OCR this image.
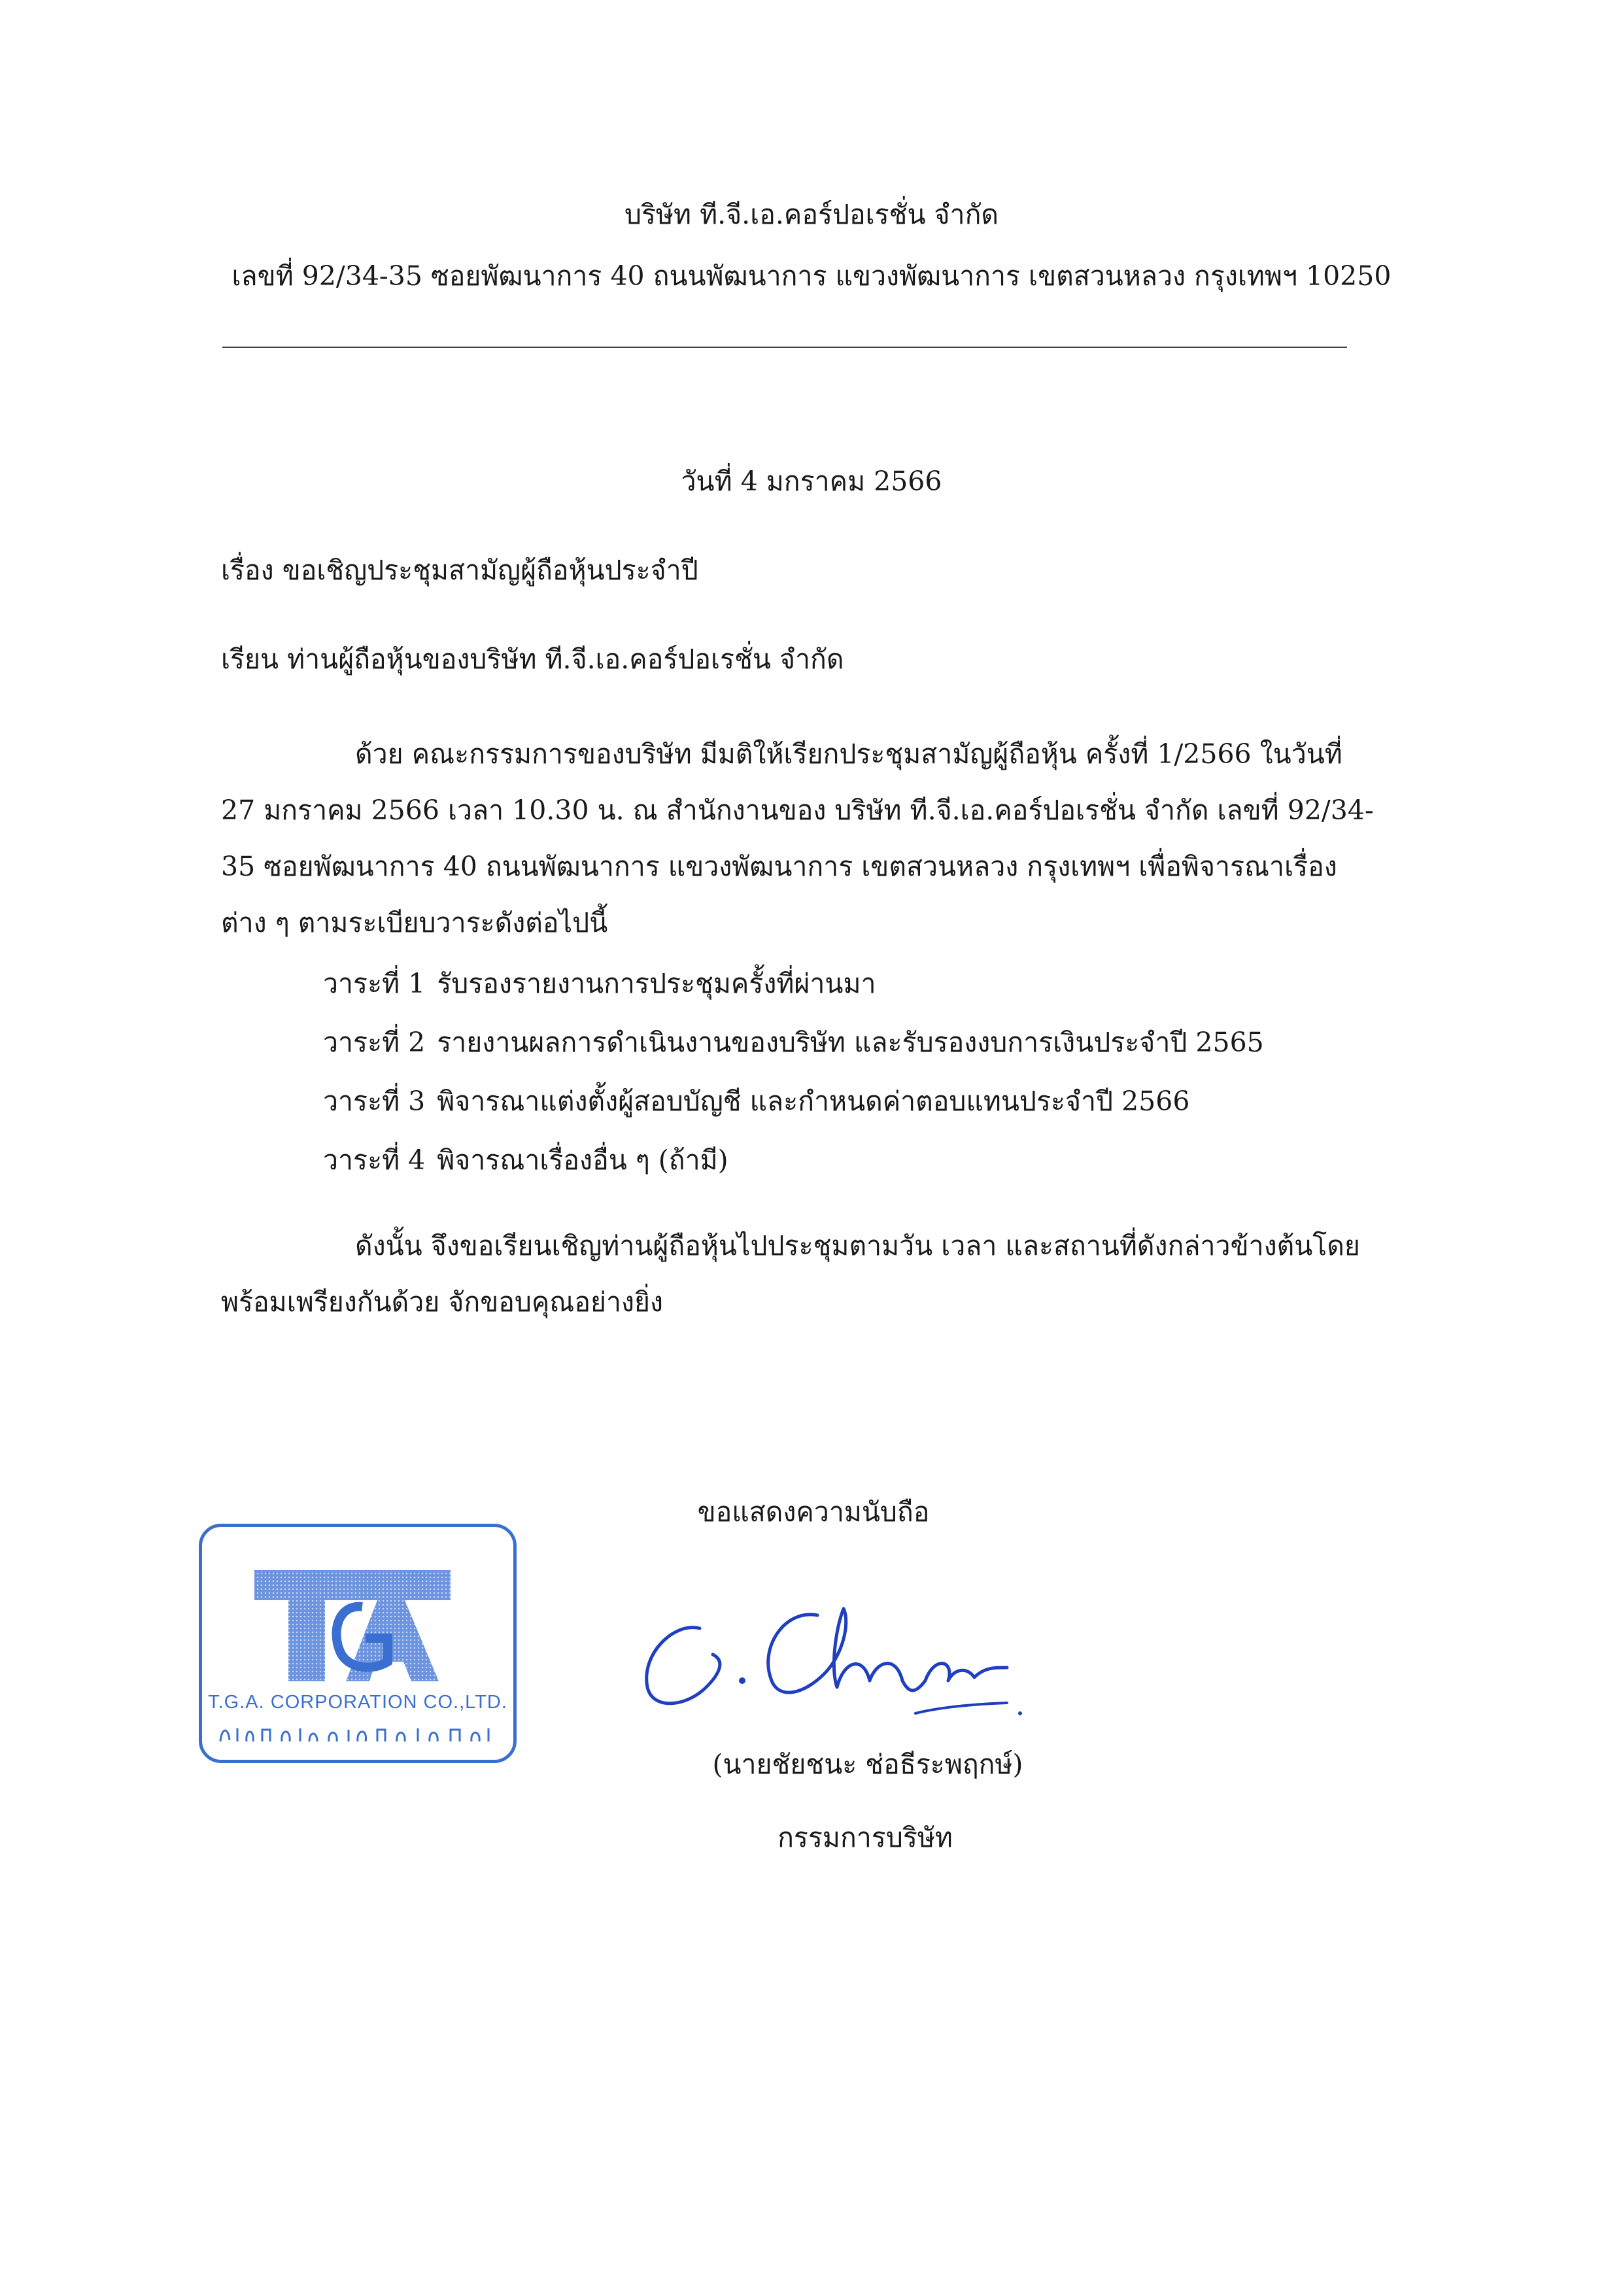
บริษัท ที.จี.เอ.คอร์ปอเรชั่น จำกัด
เลขที่ 92/34-35 ซอยพัฒนาการ 40 ถนนพัฒนาการ แขวงพัฒนาการ เขตสวนหลวง กรุงเทพฯ 10250
วันที่ 4 มกราคม 2566
เรื่อง ขอเชิญประชุมสามัญผู้ถือหุ้นประจำปี
เรียน ท่านผู้ถือหุ้นของบริษัท ที.จี.เอ.คอร์ปอเรชั่น จำกัด
ด้วย คณะกรรมการของบริษัท มีมติให้เรียกประชุมสามัญผู้ถือหุ้น ครั้งที่ 1/2566 ในวันที่ 27 มกราคม 2566 เวลา 10.30 น. ณ สำนักงานของ บริษัท ที.จี.เอ.คอร์ปอเรชั่น จำกัด เลขที่ 92/34-35 ซอยพัฒนาการ 40 ถนนพัฒนาการ แขวงพัฒนาการ เขตสวนหลวง กรุงเทพฯ เพื่อพิจารณาเรื่องต่าง ๆ ตามระเบียบวาระดังต่อไปนี้
วาระที่ 1 รับรองรายงานการประชุมครั้งที่ผ่านมา
วาระที่ 2 รายงานผลการดำเนินงานของบริษัท และรับรองงบการเงินประจำปี 2565
วาระที่ 3 พิจารณาแต่งตั้งผู้สอบบัญชี และกำหนดค่าตอบแทนประจำปี 2566
วาระที่ 4 พิจารณาเรื่องอื่น ๆ (ถ้ามี)
ดังนั้น จึงขอเรียนเชิญท่านผู้ถือหุ้นไปประชุมตามวัน เวลา และสถานที่ดังกล่าวข้างต้นโดยพร้อมเพรียงกันด้วย จักขอบคุณอย่างยิ่ง
ขอแสดงความนับถือ
T.G.A. CORPORATION CO.,LTD.
(นายชัยชนะ ช่อธีระพฤกษ์)
กรรมการบริษัท
